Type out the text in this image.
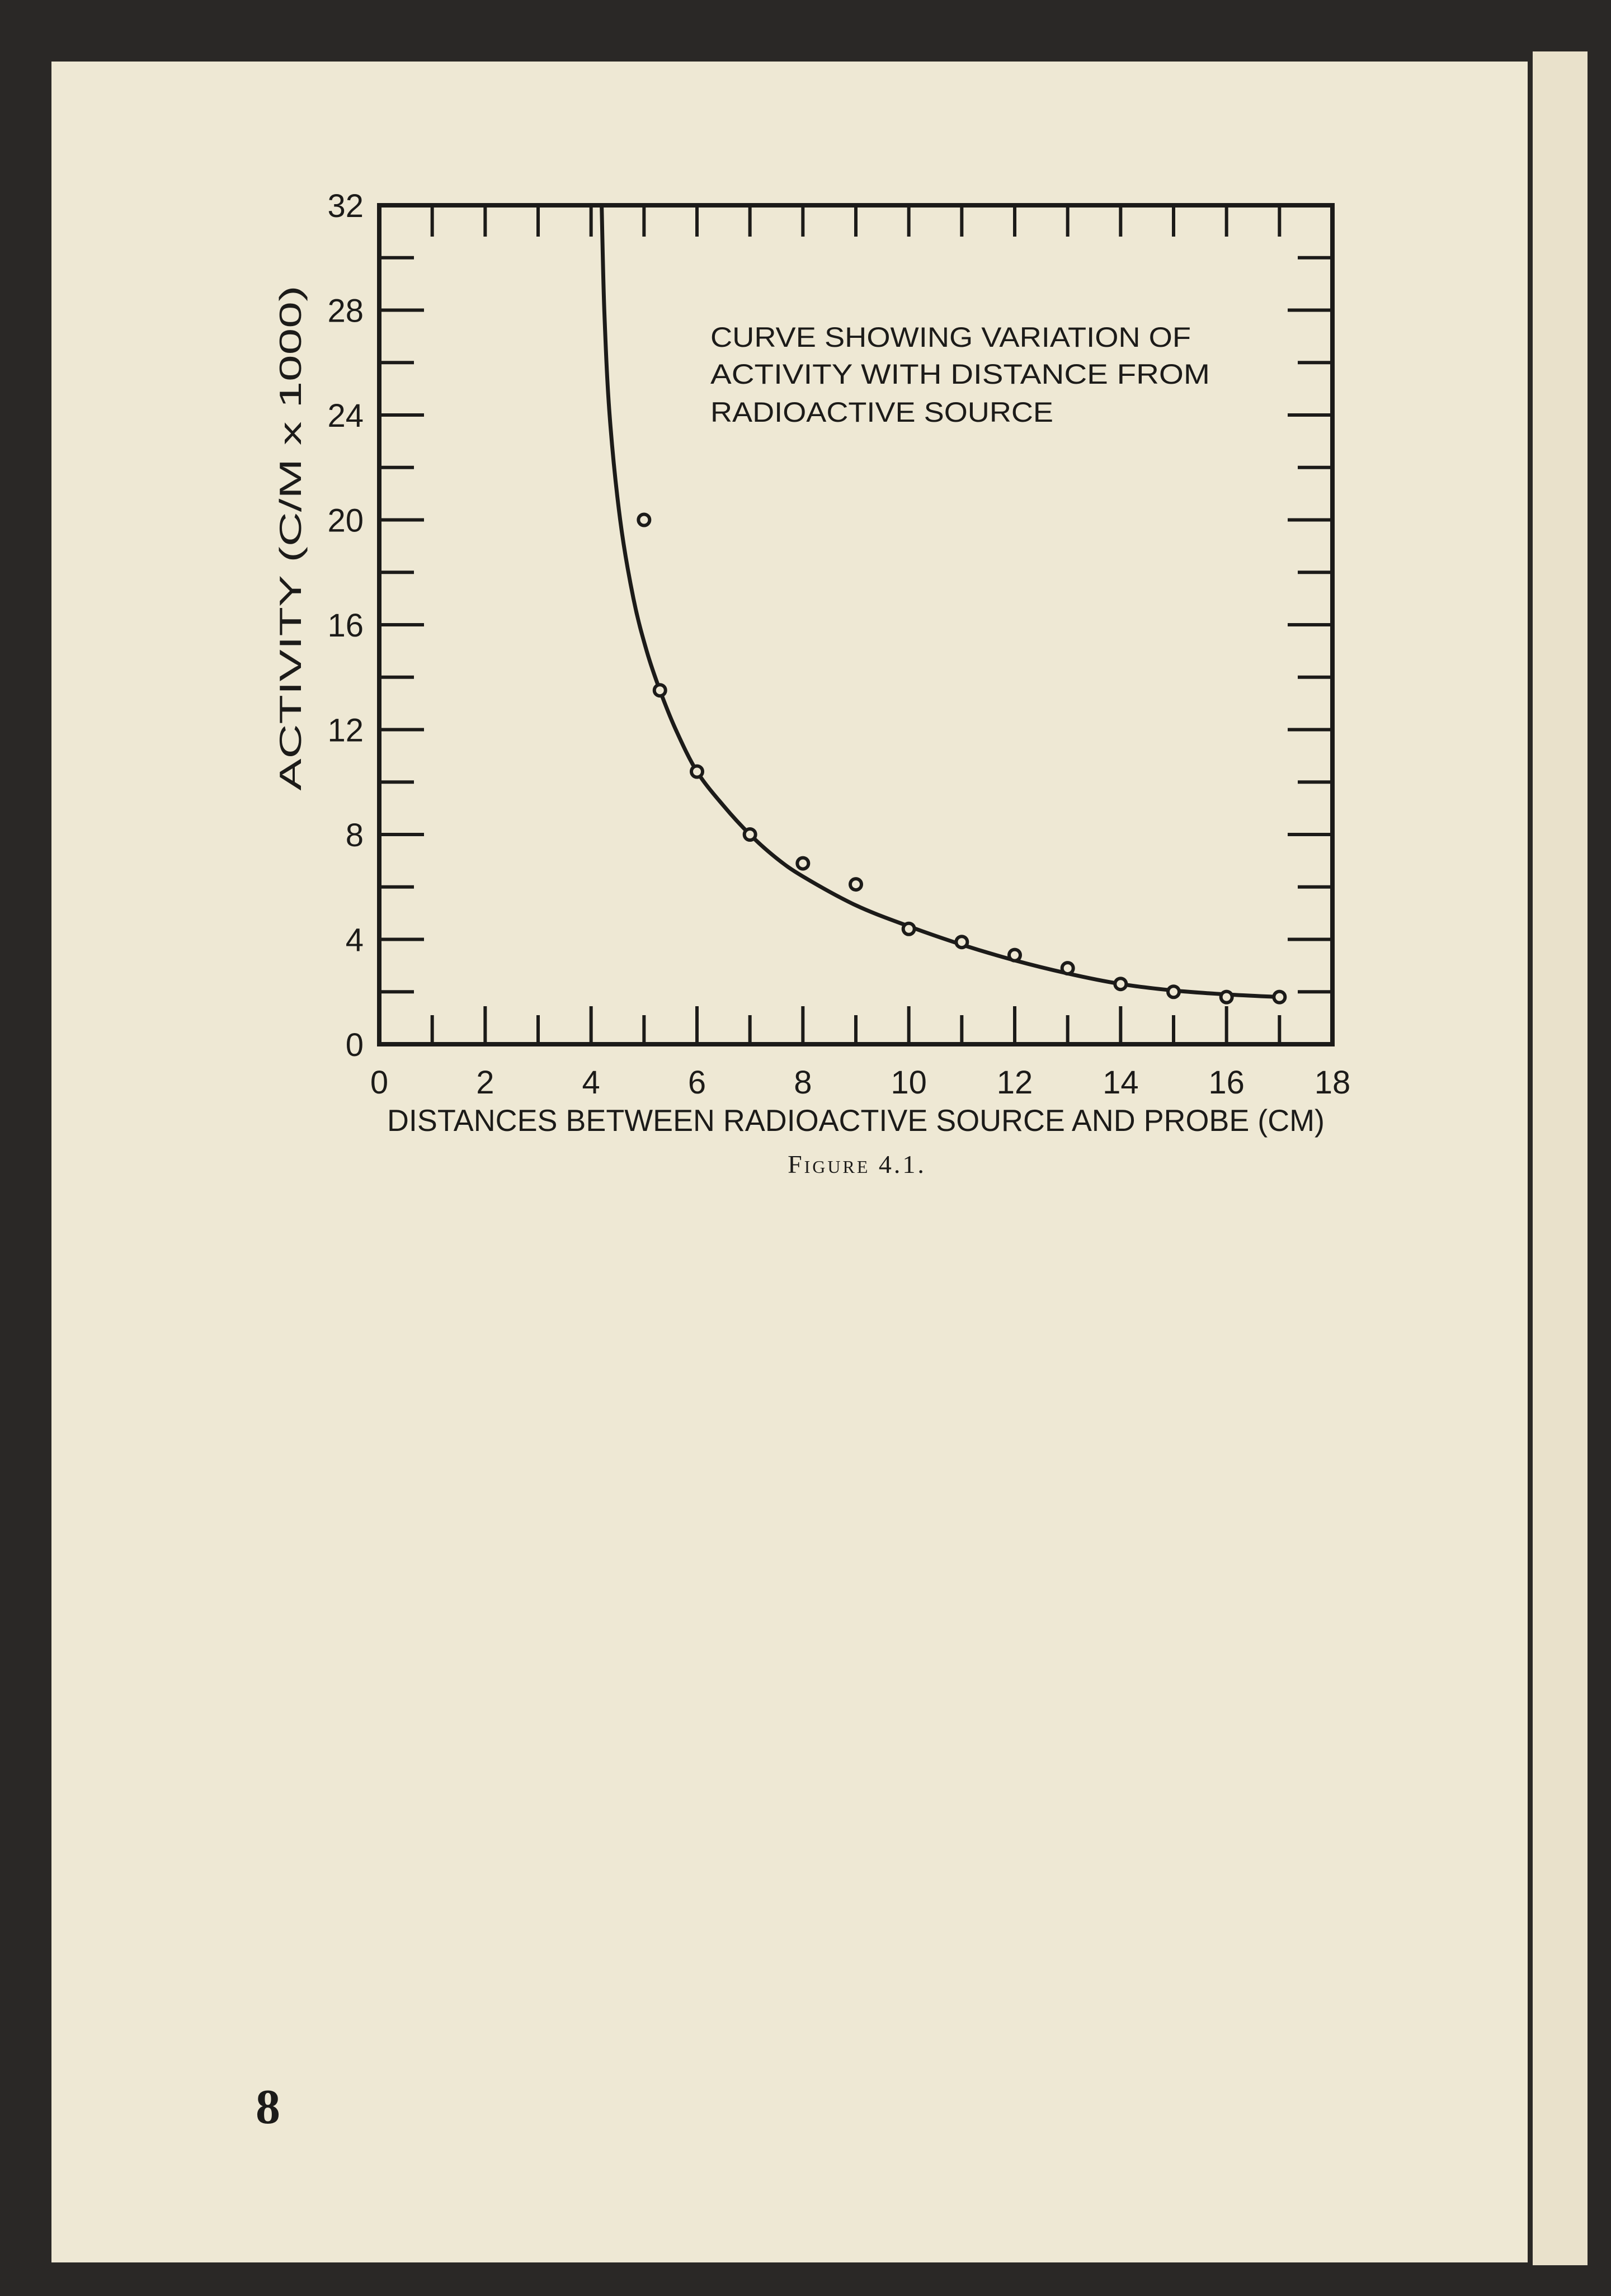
32
28
24
20
16
12
8
4
0
0	2	4	6	8 10 12 14 16 18
ACTIVITY (C/M x 1000)
DISTANCES BETWEEN RADIOACTIVE SOURCE AND PROBE (CM)
CURVE SHOWING VARIATION OF
ACTIVITY WITH DISTANCE FROM
RADIOACTIVE SOURCE
Figure 4.1.
8
